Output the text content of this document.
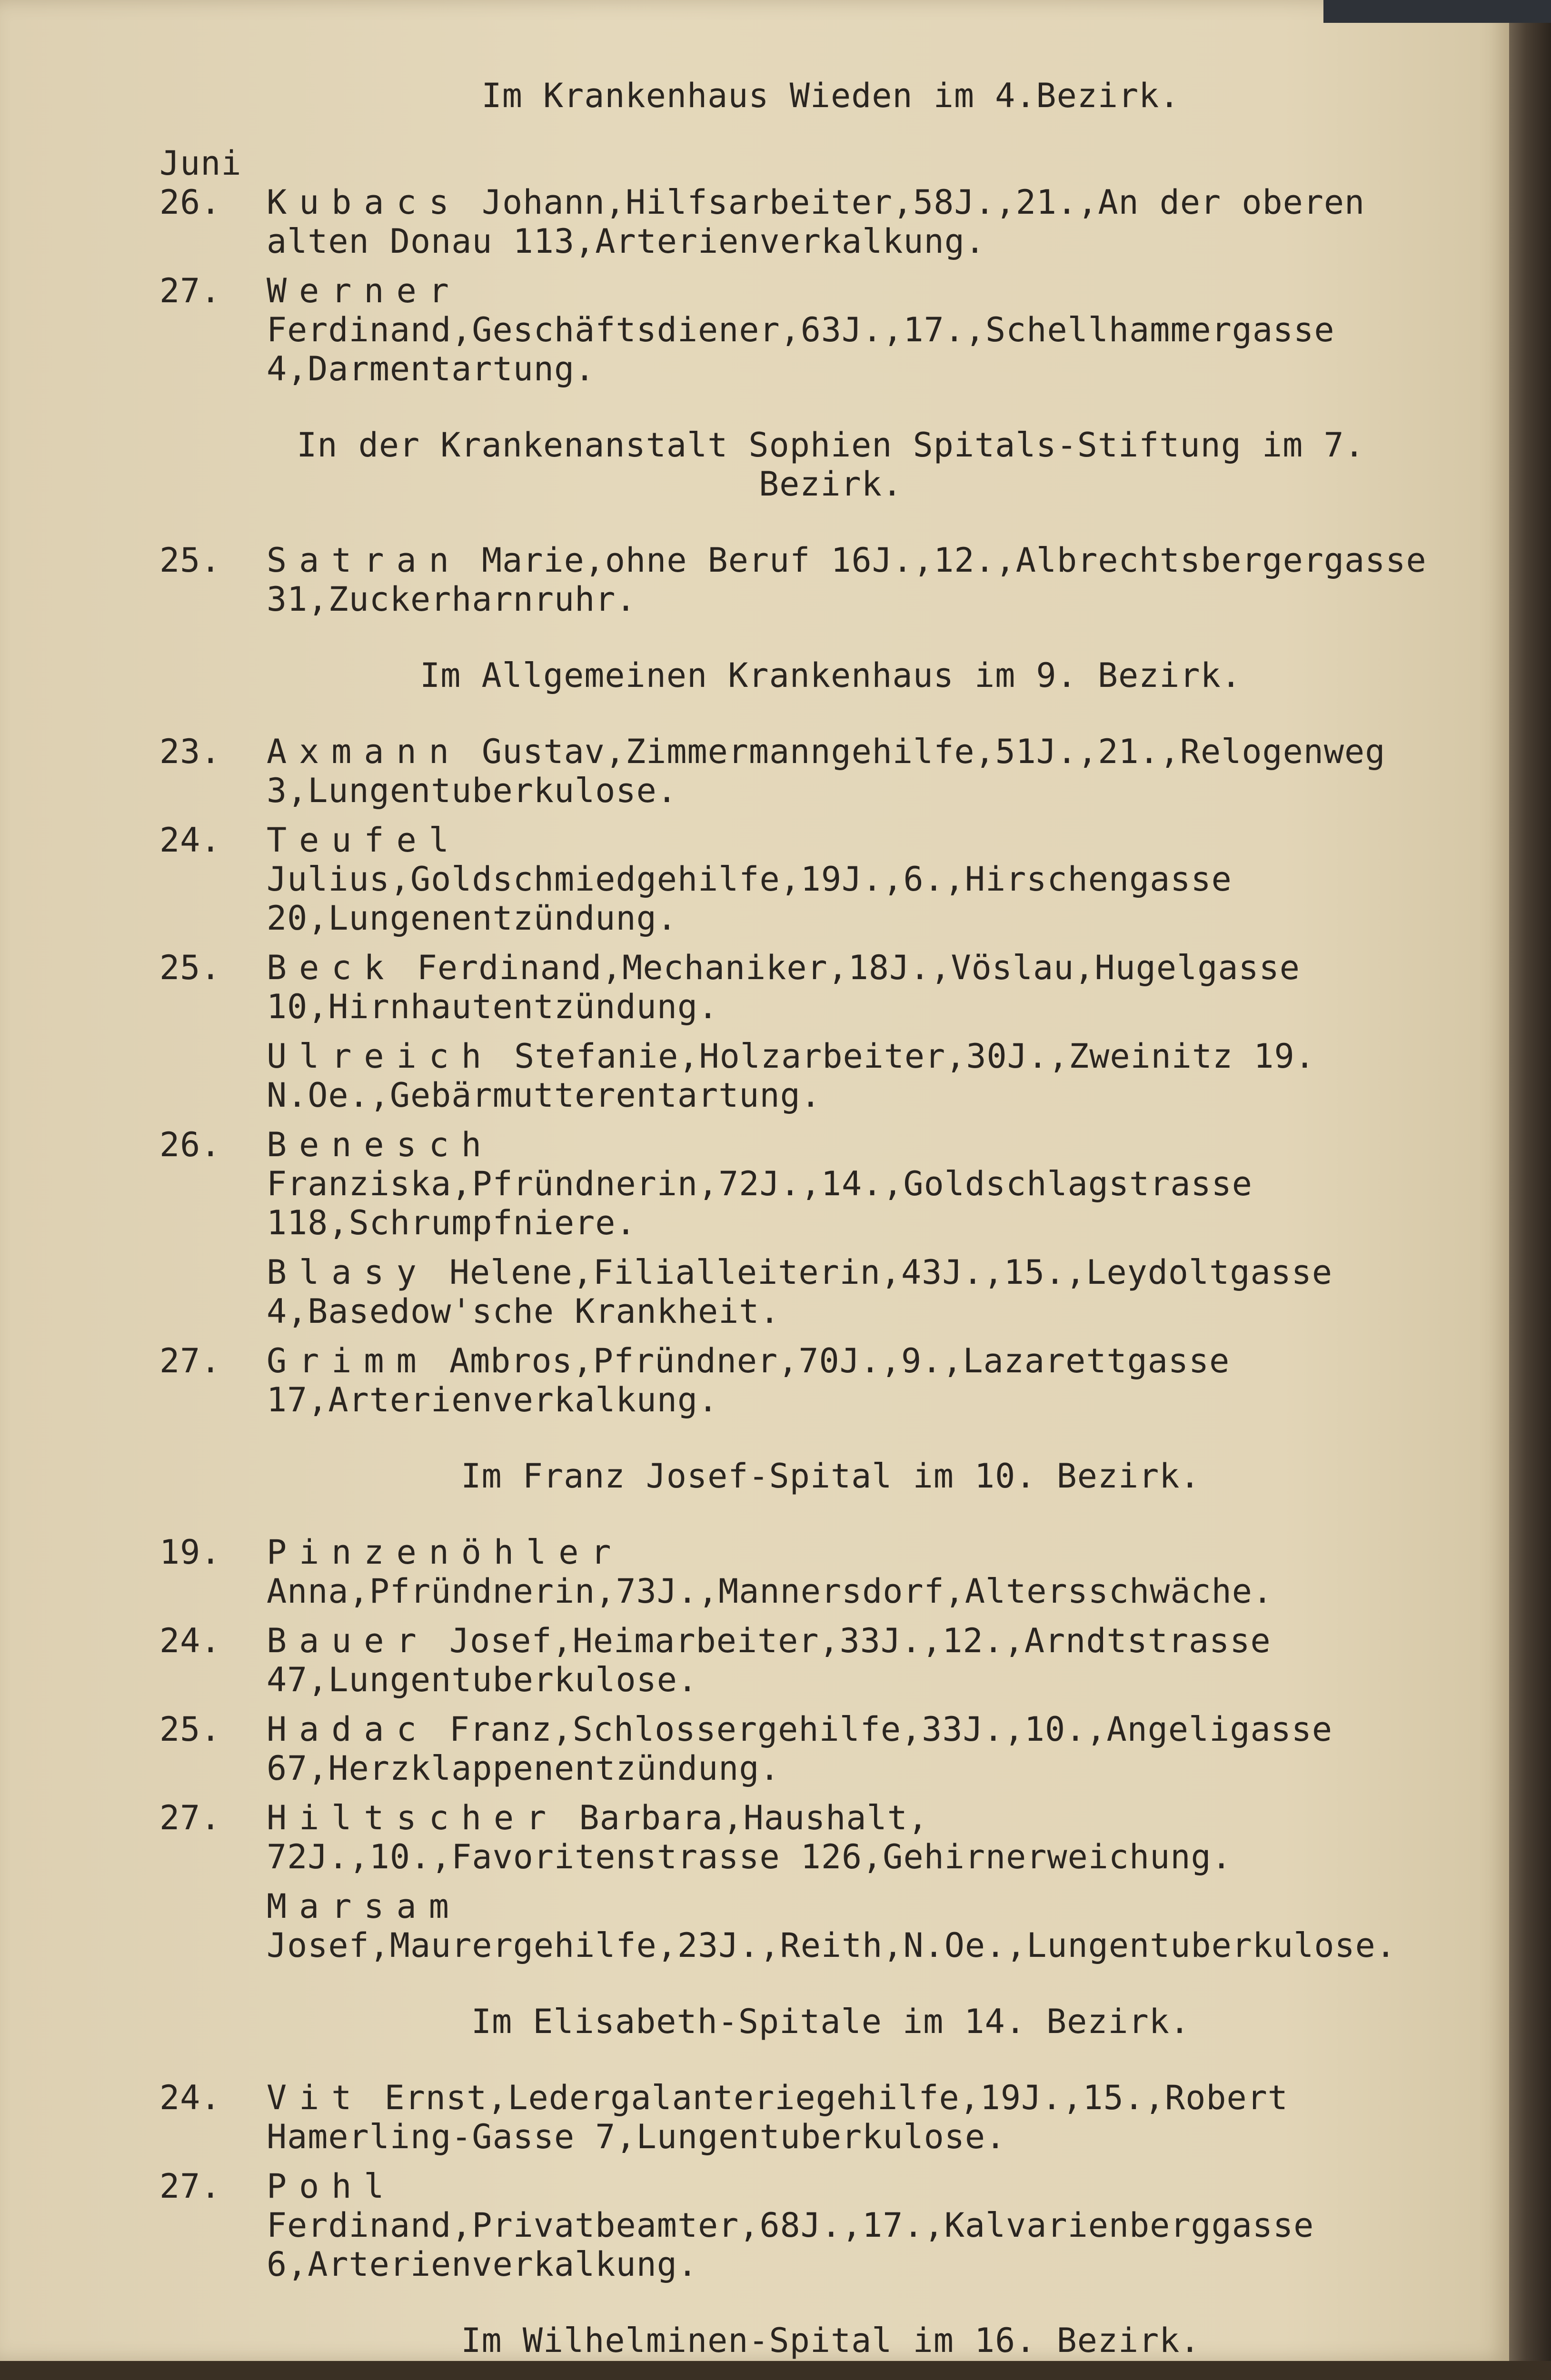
Im Krankenhaus Wieden im 4.Bezirk.

Juni
26.	Kubacs Johann,Hilfsarbeiter,58J.,21.,An der oberen alten Donau 113,Arterienverkalkung.
27.	Werner Ferdinand,Geschäftsdiener,63J.,17.,Schellhammergasse 4,Darmentartung.

In der Krankenanstalt Sophien Spitals-Stiftung im 7. Bezirk.

25.	Satran Marie,ohne Beruf 16J.,12.,Albrechtsbergergasse 31,Zuckerharnruhr.

Im Allgemeinen Krankenhaus im 9. Bezirk.

23.	Axmann Gustav,Zimmermanngehilfe,51J.,21.,Relogenweg 3,Lungentuberkulose.
24.	Teufel Julius,Goldschmiedgehilfe,19J.,6.,Hirschengasse 20,Lungenentzündung.
25.	Beck Ferdinand,Mechaniker,18J.,Vöslau,Hugelgasse 10,Hirnhautentzündung.
Ulreich Stefanie,Holzarbeiter,30J.,Zweinitz 19. N.Oe.,Gebärmutterentartung.
26.	Benesch Franziska,Pfründnerin,72J.,14.,Goldschlagstrasse 118,Schrumpfniere.
Blasy Helene,Filialleiterin,43J.,15.,Leydoltgasse 4,Basedow'sche Krankheit.
27.	Grimm Ambros,Pfründner,70J.,9.,Lazarettgasse 17,Arterienverkalkung.

Im Franz Josef-Spital im 10. Bezirk.

19.	Pinzenöhler Anna,Pfründnerin,73J.,Mannersdorf,Altersschwäche.
24.	Bauer Josef,Heimarbeiter,33J.,12.,Arndtstrasse 47,Lungentuberkulose.
25.	Hadac Franz,Schlossergehilfe,33J.,10.,Angeligasse 67,Herzklappenentzündung.
27.	Hiltscher Barbara,Haushalt, 72J.,10.,Favoritenstrasse 126,Gehirnerweichung.
Marsam Josef,Maurergehilfe,23J.,Reith,N.Oe.,Lungentuberkulose.

Im Elisabeth-Spitale im 14. Bezirk.

24.	Vit Ernst,Ledergalanteriegehilfe,19J.,15.,Robert Hamerling-Gasse 7,Lungentuberkulose.
27.	Pohl Ferdinand,Privatbeamter,68J.,17.,Kalvarienberggasse 6,Arterienverkalkung.

Im Wilhelminen-Spital im 16. Bezirk.
